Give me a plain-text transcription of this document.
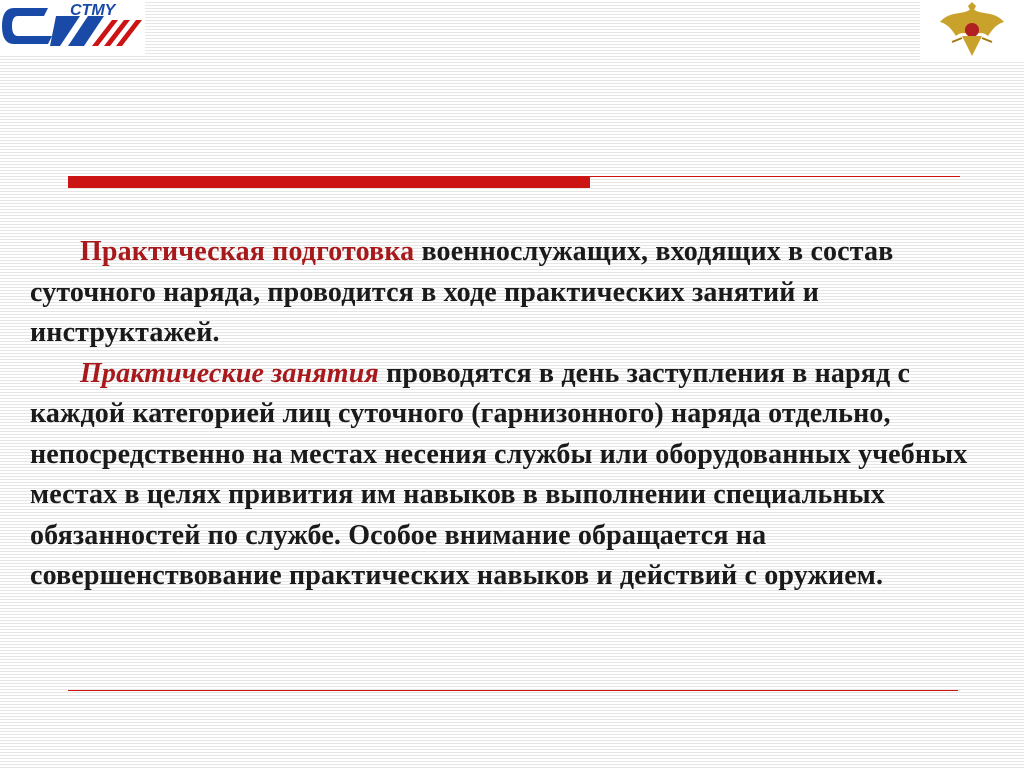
CTMY

Практическая подготовка военнослужащих, входящих в состав суточного наряда, проводится в ходе практических занятий и инструктажей.

Практические занятия проводятся в день заступления в наряд с каждой категорией лиц суточного (гарнизонного) наряда отдельно, непосредственно на местах несения службы или оборудованных учебных местах в целях привития им навыков в выполнении специальных обязанностей по службе. Особое внимание обращается на совершенствование практических навыков и действий с оружием.
